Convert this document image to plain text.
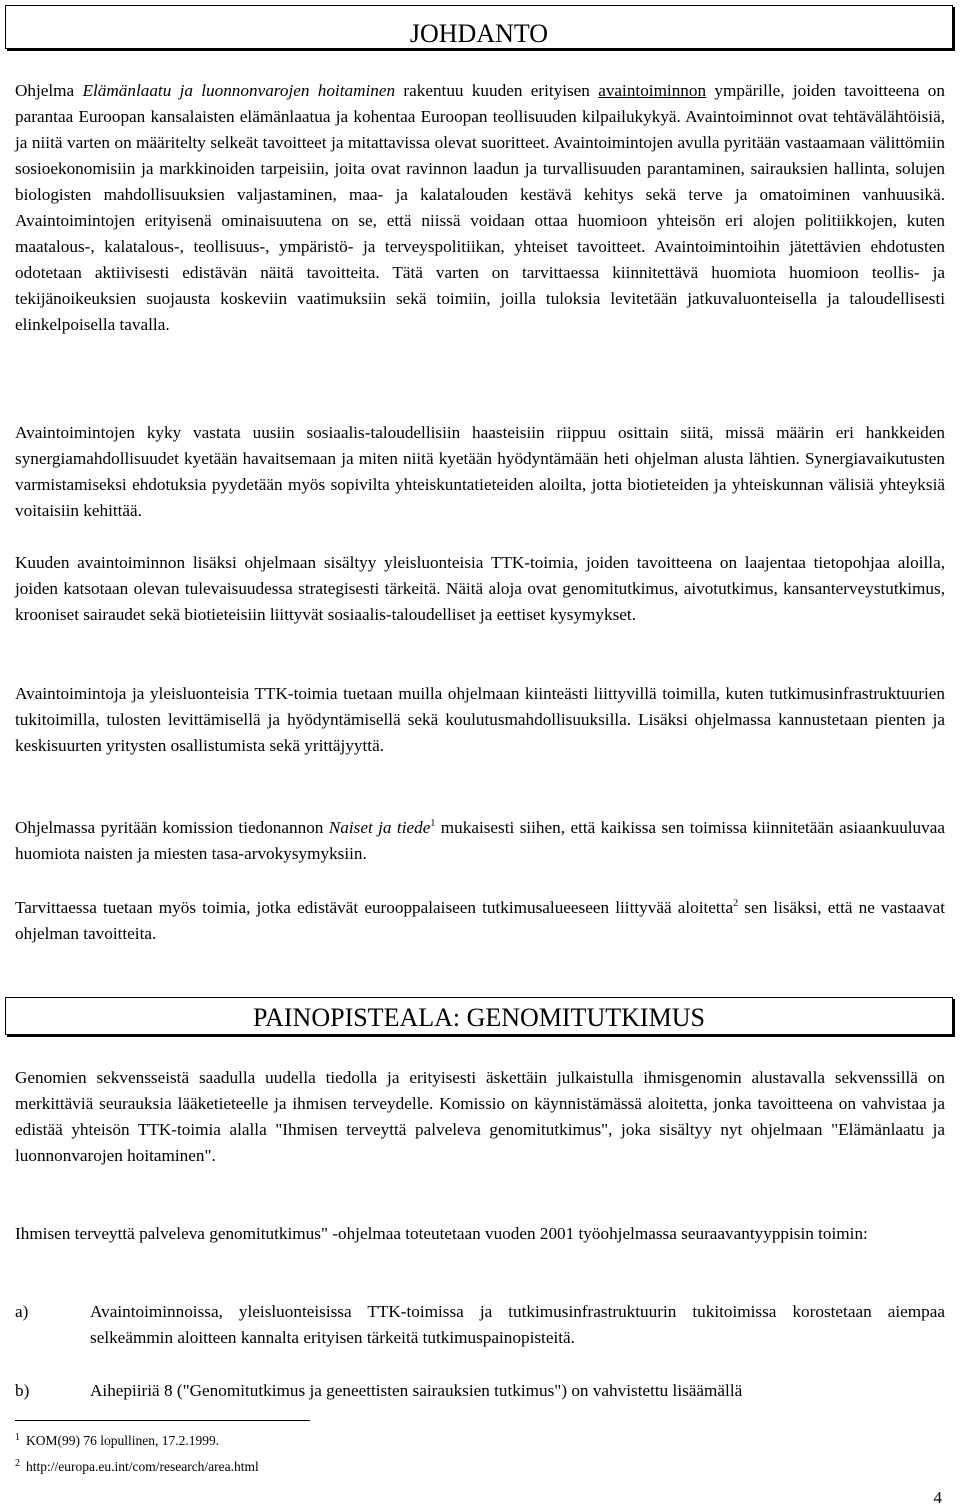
JOHDANTO

Ohjelma Elämänlaatu ja luonnonvarojen hoitaminen rakentuu kuuden erityisen avaintoiminnon ympärille, joiden tavoitteena on parantaa Euroopan kansalaisten elämänlaatua ja kohentaa Euroopan teollisuuden kilpailukykyä. Avaintoiminnot ovat tehtävälähtöisiä, ja niitä varten on määritelty selkeät tavoitteet ja mitattavissa olevat suoritteet. Avaintoimintojen avulla pyritään vastaamaan välittömiin sosioekonomisiin ja markkinoiden tarpeisiin, joita ovat ravinnon laadun ja turvallisuuden parantaminen, sairauksien hallinta, solujen biologisten mahdollisuuksien valjastaminen, maa- ja kalatalouden kestävä kehitys sekä terve ja omatoiminen vanhuusikä. Avaintoimintojen erityisenä ominaisuutena on se, että niissä voidaan ottaa huomioon yhteisön eri alojen politiikkojen, kuten maatalous-, kalatalous-, teollisuus-, ympäristö- ja terveyspolitiikan, yhteiset tavoitteet. Avaintoimintoihin jätettävien ehdotusten odotetaan aktiivisesti edistävän näitä tavoitteita. Tätä varten on tarvittaessa kiinnitettävä huomiota huomioon teollis- ja tekijänoikeuksien suojausta koskeviin vaatimuksiin sekä toimiin, joilla tuloksia levitetään jatkuvaluonteisella ja taloudellisesti elinkelpoisella tavalla.

Avaintoimintojen kyky vastata uusiin sosiaalis-taloudellisiin haasteisiin riippuu osittain siitä, missä määrin eri hankkeiden synergiamahdollisuudet kyetään havaitsemaan ja miten niitä kyetään hyödyntämään heti ohjelman alusta lähtien. Synergiavaikutusten varmistamiseksi ehdotuksia pyydetään myös sopivilta yhteiskuntatieteiden aloilta, jotta biotieteiden ja yhteiskunnan välisiä yhteyksiä voitaisiin kehittää.

Kuuden avaintoiminnon lisäksi ohjelmaan sisältyy yleisluonteisia TTK-toimia, joiden tavoitteena on laajentaa tietopohjaa aloilla, joiden katsotaan olevan tulevaisuudessa strategisesti tärkeitä. Näitä aloja ovat genomitutkimus, aivotutkimus, kansanterveystutkimus, krooniset sairaudet sekä biotieteisiin liittyvät sosiaalis-taloudelliset ja eettiset kysymykset.

Avaintoimintoja ja yleisluonteisia TTK-toimia tuetaan muilla ohjelmaan kiinteästi liittyvillä toimilla, kuten tutkimusinfrastruktuurien tukitoimilla, tulosten levittämisellä ja hyödyntämisellä sekä koulutusmahdollisuuksilla. Lisäksi ohjelmassa kannustetaan pienten ja keskisuurten yritysten osallistumista sekä yrittäjyyttä.

Ohjelmassa pyritään komission tiedonannon Naiset ja tiede$^1$ mukaisesti siihen, että kaikissa sen toimissa kiinnitetään asiaankuuluvaa huomiota naisten ja miesten tasa-arvokysymyksiin.

Tarvittaessa tuetaan myös toimia, jotka edistävät eurooppalaiseen tutkimusalueeseen liittyvää aloitetta$^2$ sen lisäksi, että ne vastaavat ohjelman tavoitteita.

PAINOPISTEALA: GENOMITUTKIMUS

Genomien sekvensseistä saadulla uudella tiedolla ja erityisesti äskettäin julkaistulla ihmisgenomin alustavalla sekvenssillä on merkittäviä seurauksia lääketieteelle ja ihmisen terveydelle. Komissio on käynnistämässä aloitetta, jonka tavoitteena on vahvistaa ja edistää yhteisön TTK-toimia alalla "Ihmisen terveyttä palveleva genomitutkimus", joka sisältyy nyt ohjelmaan "Elämänlaatu ja luonnonvarojen hoitaminen".

Ihmisen terveyttä palveleva genomitutkimus" -ohjelmaa toteutetaan vuoden 2001 työohjelmassa seuraavantyyppisin toimin:

a)	Avaintoiminnoissa, yleisluonteisissa TTK-toimissa ja tutkimusinfrastruktuurin tukitoimissa korostetaan aiempaa selkeämmin aloitteen kannalta erityisen tärkeitä tutkimuspainopisteitä.
b)	Aihepiiriä 8 ("Genomitutkimus ja geneettisten sairauksien tutkimus") on vahvistettu lisäämällä
$^1$ KOM(99) 76 lopullinen, 17.2.1999.
$^2$ http://europa.eu.int/com/research/area.html
4
